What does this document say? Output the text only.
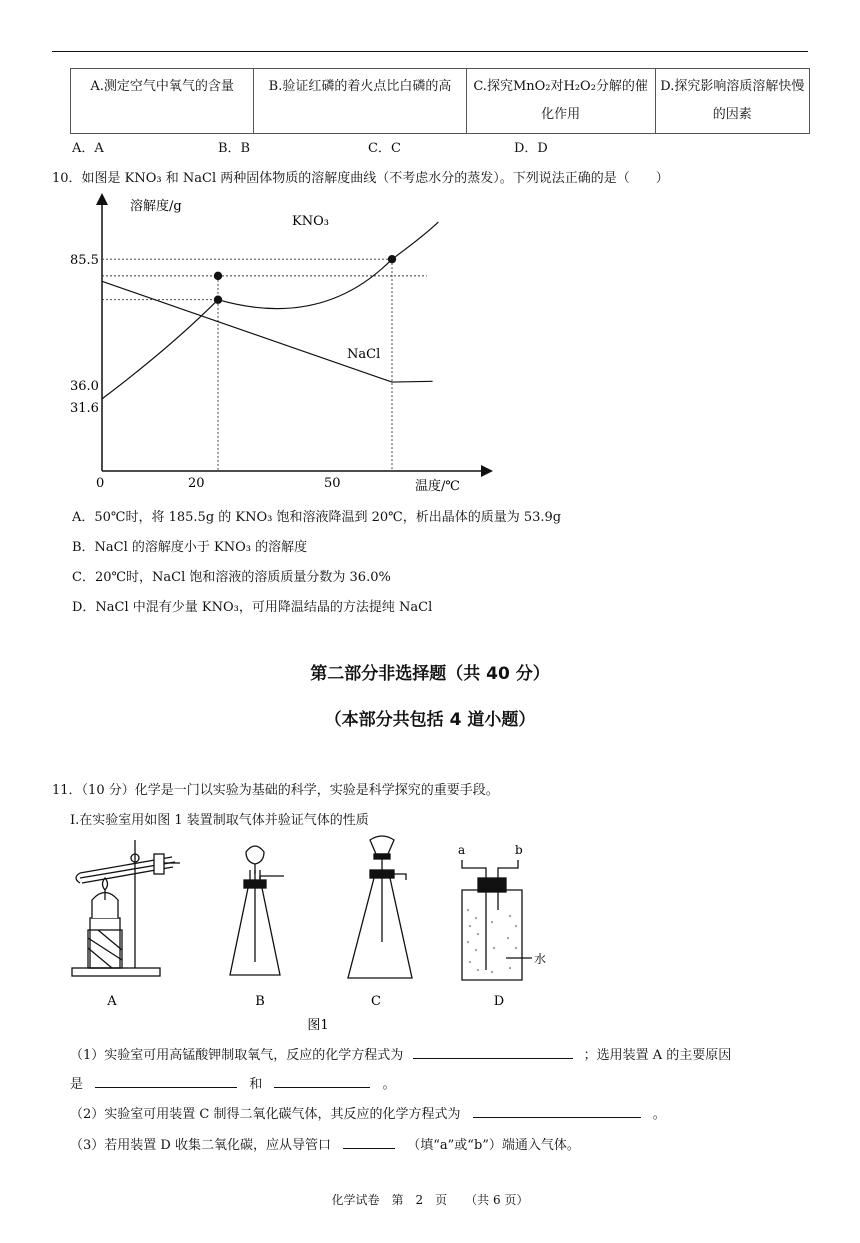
A.测定空气中氧气的含量	B.验证红磷的着火点比白磷的高	C.探究MnO₂对H₂O₂分解的催化作用	D.探究影响溶质溶解快慢的因素
A．A	B．B	C．C	D．D
10．如图是 KNO₃ 和 NaCl 两种固体物质的溶解度曲线（不考虑水分的蒸发）。下列说法正确的是（　　）
溶解度/g
温度/℃
0	20	50
31.6
36.0
85.5
KNO₃
NaCl
A．50℃时，将 185.5g 的 KNO₃ 饱和溶液降温到 20℃，析出晶体的质量为 53.9g
B．NaCl 的溶解度小于 KNO₃ 的溶解度
C．20℃时，NaCl 饱和溶液的溶质质量分数为 36.0%
D．NaCl 中混有少量 KNO₃，可用降温结晶的方法提纯 NaCl
第二部分非选择题（共 40 分）
（本部分共包括 4 道小题）
11．（10 分）化学是一门以实验为基础的科学，实验是科学探究的重要手段。
Ⅰ.在实验室用如图 1 装置制取气体并验证气体的性质
A	B	C
a	b
水
D
图1
（1）实验室可用高锰酸钾制取氧气，反应的化学方程式为	；选用装置 A 的主要原因
是	和	。
（2）实验室可用装置 C 制得二氧化碳气体，其反应的化学方程式为	。
（3）若用装置 D 收集二氧化碳，应从导管口	（填“a”或“b”）端通入气体。
化学试卷　第　2　页　　（共 6 页）
